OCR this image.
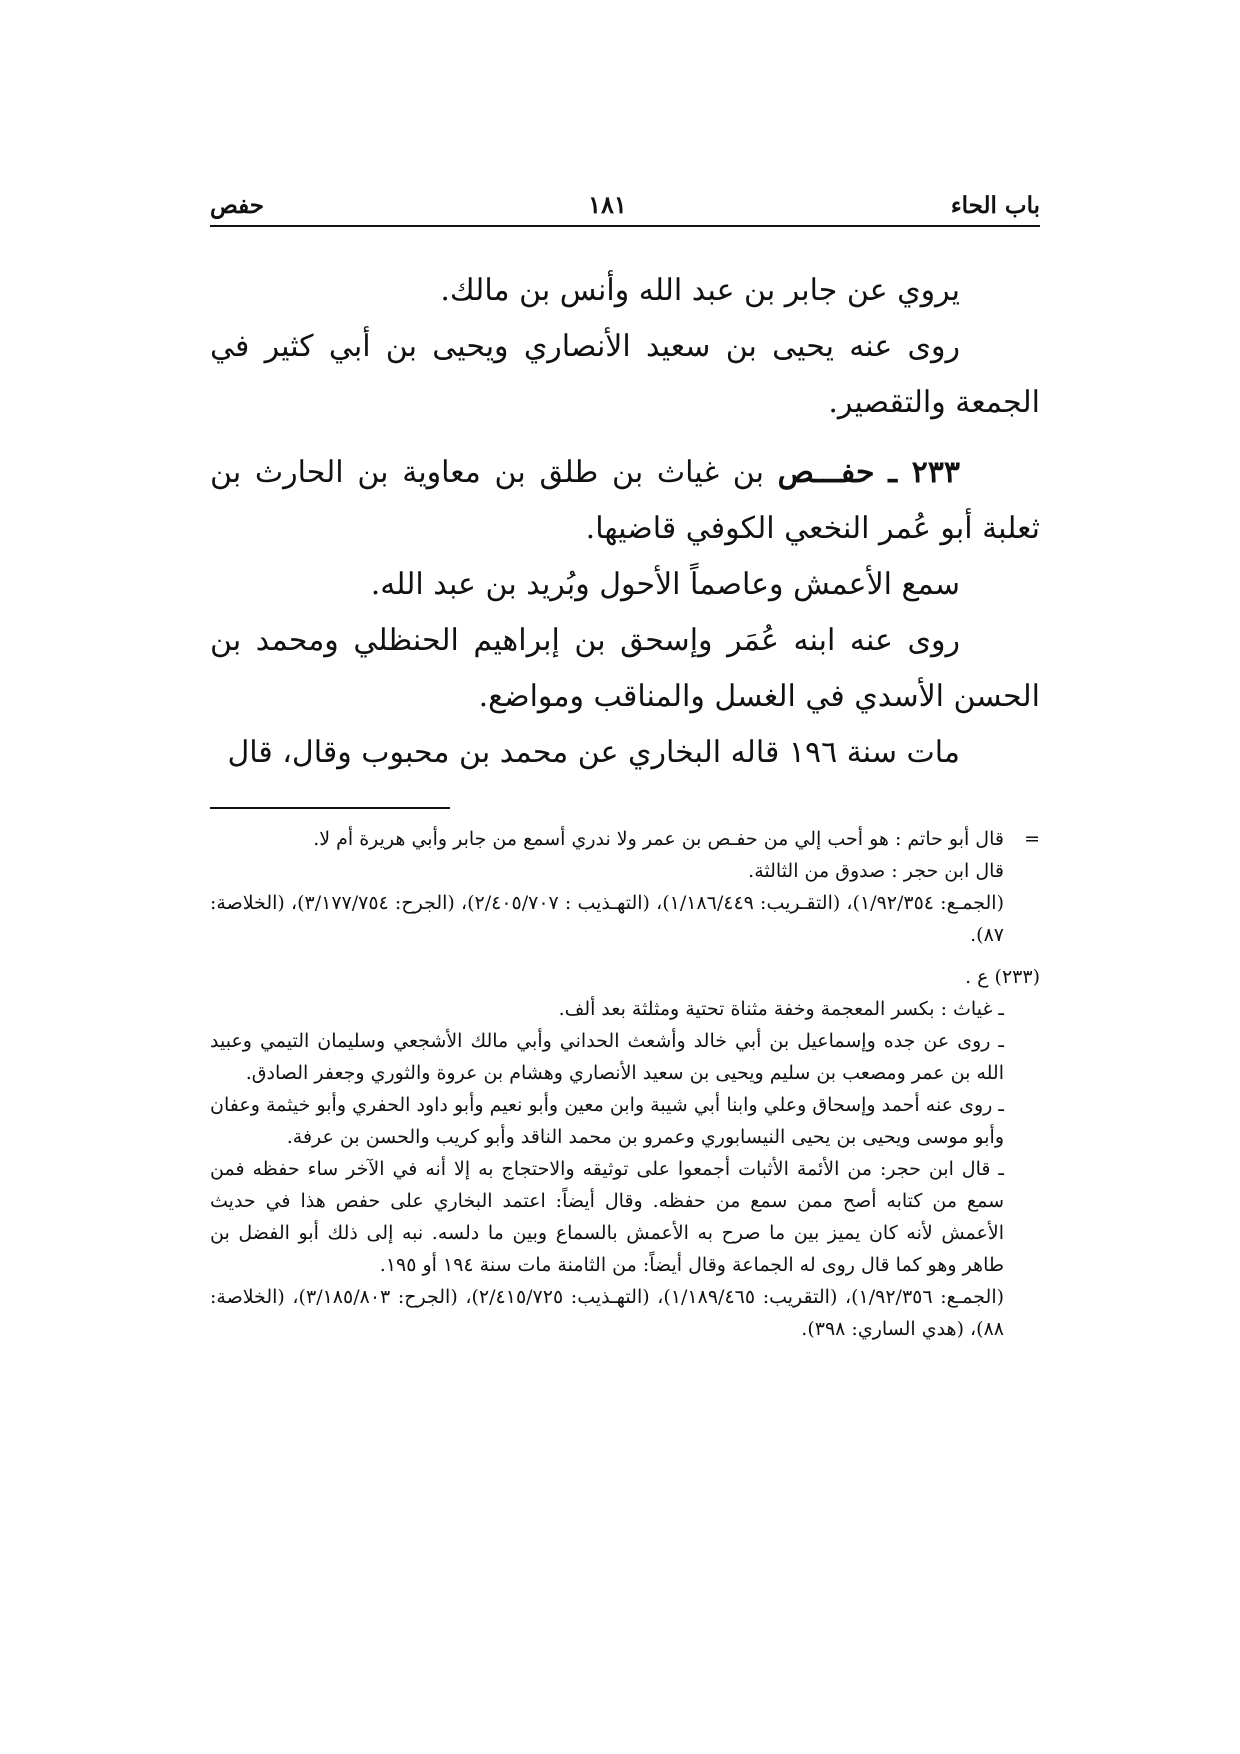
باب الحاء
١٨١
حفص

يروي عن جابر بن عبد الله وأنس بن مالك.

روى عنه يحيى بن سعيد الأنصاري ويحيى بن أبي كثير في الجمعة والتقصير.

٢٣٣ ـ حفـــص بن غياث بن طلق بن معاوية بن الحارث بن ثعلبة أبو عُمر النخعي الكوفي قاضيها.

سمع الأعمش وعاصماً الأحول وبُريد بن عبد الله.

روى عنه ابنه عُمَر وإسحق بن إبراهيم الحنظلي ومحمد بن الحسن الأسدي في الغسل والمناقب ومواضع.

مات سنة ١٩٦ قاله البخاري عن محمد بن محبوب وقال، قال

=
قال أبو حاتم : هو أحب إلي من حفـص بن عمر ولا ندري أسمع من جابر وأبي هريرة أم لا.

قال ابن حجر : صدوق من الثالثة.

(الجمـع: ١/٩٢/٣٥٤)، (التقـريب: ١/١٨٦/٤٤٩)، (التهـذيب : ٢/٤٠٥/٧٠٧)، (الجرح: ٣/١٧٧/٧٥٤)، (الخلاصة: ٨٧).

(٢٣٣) ع .

ـ غياث : بكسر المعجمة وخفة مثناة تحتية ومثلثة بعد ألف.

ـ روى عن جده وإسماعيل بن أبي خالد وأشعث الحداني وأبي مالك الأشجعي وسليمان التيمي وعبيد الله بن عمر ومصعب بن سليم ويحيى بن سعيد الأنصاري وهشام بن عروة والثوري وجعفر الصادق.

ـ روى عنه أحمد وإسحاق وعلي وابنا أبي شيبة وابن معين وأبو نعيم وأبو داود الحفري وأبو خيثمة وعفان وأبو موسى ويحيى بن يحيى النيسابوري وعمرو بن محمد الناقد وأبو كريب والحسن بن عرفة.

ـ قال ابن حجر: من الأئمة الأثبات أجمعوا على توثيقه والاحتجاج به إلا أنه في الآخر ساء حفظه فمن سمع من كتابه أصح ممن سمع من حفظه. وقال أيضاً: اعتمد البخاري على حفص هذا في حديث الأعمش لأنه كان يميز بين ما صرح به الأعمش بالسماع وبين ما دلسه. نبه إلى ذلك أبو الفضل بن طاهر وهو كما قال روى له الجماعة وقال أيضاً: من الثامنة مات سنة ١٩٤ أو ١٩٥.

(الجمـع: ١/٩٢/٣٥٦)، (التقريب: ١/١٨٩/٤٦٥)، (التهـذيب: ٢/٤١٥/٧٢٥)، (الجرح: ٣/١٨٥/٨٠٣)، (الخلاصة: ٨٨)، (هدي الساري: ٣٩٨).
